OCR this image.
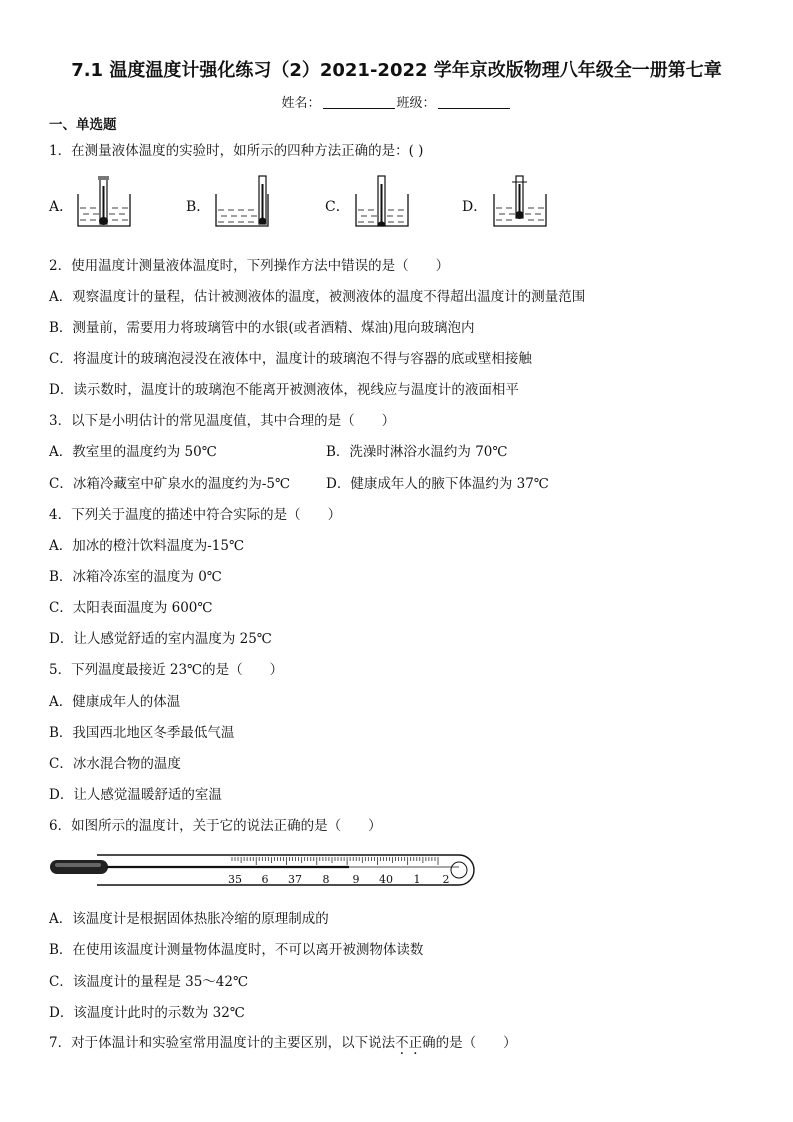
7.1 温度温度计强化练习（2）2021-2022 学年京改版物理八年级全一册第七章
姓名：	班级：
一、单选题
1．在测量液体温度的实验时，如所示的四种方法正确的是：( )
A．	B．	C．	D．
2．使用温度计测量液体温度时，下列操作方法中错误的是（　　）
A．观察温度计的量程，估计被测液体的温度，被测液体的温度不得超出温度计的测量范围
B．测量前，需要用力将玻璃管中的水银(或者酒精、煤油)甩向玻璃泡内
C．将温度计的玻璃泡浸没在液体中，温度计的玻璃泡不得与容器的底或壁相接触
D．读示数时，温度计的玻璃泡不能离开被测液体，视线应与温度计的液面相平
3．以下是小明估计的常见温度值，其中合理的是（　　）
A．教室里的温度约为 50℃	B．洗澡时淋浴水温约为 70℃
C．冰箱冷藏室中矿泉水的温度约为-5℃	D．健康成年人的腋下体温约为 37℃
4．下列关于温度的描述中符合实际的是（　　）
A．加冰的橙汁饮料温度为-15℃
B．冰箱冷冻室的温度为 0℃
C．太阳表面温度为 600℃
D．让人感觉舒适的室内温度为 25℃
5．下列温度最接近 23℃的是（　　）
A．健康成年人的体温
B．我国西北地区冬季最低气温
C．冰水混合物的温度
D．让人感觉温暖舒适的室温
6．如图所示的温度计，关于它的说法正确的是（　　）
35 6 37 8 9 40 1 2
A．该温度计是根据固体热胀冷缩的原理制成的
B．在使用该温度计测量物体温度时，不可以离开被测物体读数
C．该温度计的量程是 35～42℃
D．该温度计此时的示数为 32℃
7．对于体温计和实验室常用温度计的主要区别，以下说法不正确的是（　　）
